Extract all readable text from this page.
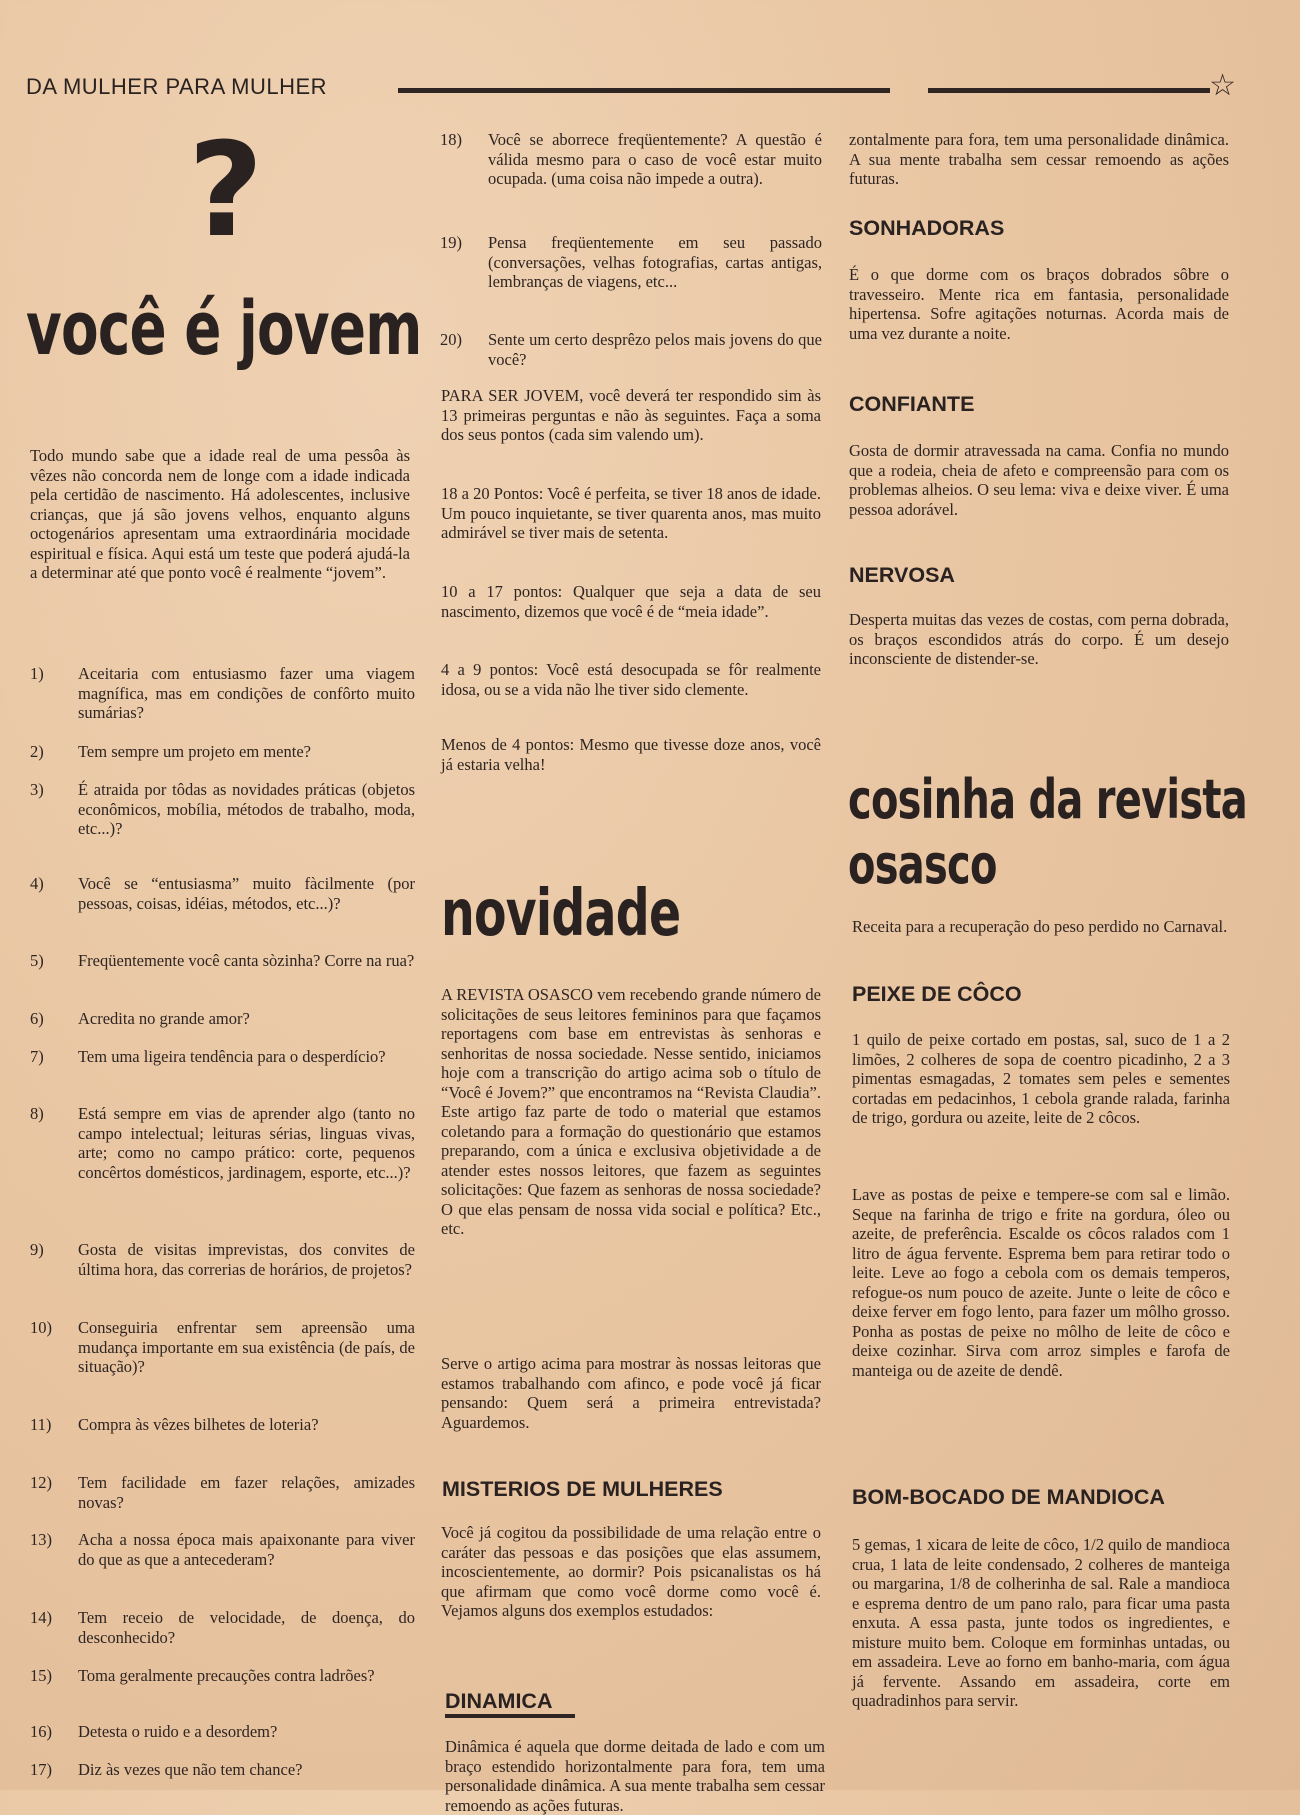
DA MULHER PARA MULHER	☆
?
você é jovem
Todo mundo sabe que a idade real de uma pessôa às vêzes não concorda nem de longe com a idade indicada pela certidão de nascimento. Há adolescentes, inclusive crianças, que já são jovens velhos, enquanto alguns octogenários apresentam uma extraordinária mocidade espiritual e física. Aqui está um teste que poderá ajudá-la a determinar até que ponto você é realmente “jovem”.
PARA SER JOVEM, você deverá ter respondido sim às 13 primeiras perguntas e não às seguintes. Faça a soma dos seus pontos (cada sim valendo um).
18 a 20 Pontos: Você é perfeita, se tiver 18 anos de idade. Um pouco inquietante, se tiver quarenta anos, mas muito admirável se tiver mais de setenta.
10 a 17 pontos: Qualquer que seja a data de seu nascimento, dizemos que você é de “meia idade”.
4 a 9 pontos: Você está desocupada se fôr realmente idosa, ou se a vida não lhe tiver sido clemente.
Menos de 4 pontos: Mesmo que tivesse doze anos, você já estaria velha!
novidade
A REVISTA OSASCO vem recebendo grande número de solicitações de seus leitores femininos para que façamos reportagens com base em entrevistas às senhoras e senhoritas de nossa sociedade. Nesse sentido, iniciamos hoje com a transcrição do artigo acima sob o título de “Você é Jovem?” que encontramos na “Revista Claudia”. Este artigo faz parte de todo o material que estamos coletando para a formação do questionário que estamos preparando, com a única e exclusiva objetividade a de atender estes nossos leitores, que fazem as seguintes solicitações: Que fazem as senhoras de nossa sociedade? O que elas pensam de nossa vida social e política? Etc., etc.
Serve o artigo acima para mostrar às nossas leitoras que estamos trabalhando com afinco, e pode você já ficar pensando: Quem será a primeira entrevistada? Aguardemos.
MISTERIOS DE MULHERES
Você já cogitou da possibilidade de uma relação entre o caráter das pessoas e das posições que elas assumem, incoscientemente, ao dormir? Pois psicanalistas os há que afirmam que como você dorme como você é. Vejamos alguns dos exemplos estudados:
DINAMICA
Dinâmica é aquela que dorme deitada de lado e com um braço estendido horizontalmente para fora, tem uma personalidade dinâmica. A sua mente trabalha sem cessar remoendo as ações futuras.
zontalmente para fora, tem uma personalidade dinâmica. A sua mente trabalha sem cessar remoendo as ações futuras.
SONHADORAS
É o que dorme com os braços dobrados sôbre o travesseiro. Mente rica em fantasia, personalidade hipertensa. Sofre agitações noturnas. Acorda mais de uma vez durante a noite.
CONFIANTE
Gosta de dormir atravessada na cama. Confia no mundo que a rodeia, cheia de afeto e compreensão para com os problemas alheios. O seu lema: viva e deixe viver. É uma pessoa adorável.
NERVOSA
Desperta muitas das vezes de costas, com perna dobrada, os braços escondidos atrás do corpo. É um desejo inconsciente de distender-se.
cosinha da revista osasco
Receita para a recuperação do peso perdido no Carnaval.
PEIXE DE CÔCO
1 quilo de peixe cortado em postas, sal, suco de 1 a 2 limões, 2 colheres de sopa de coentro picadinho, 2 a 3 pimentas esmagadas, 2 tomates sem peles e sementes cortadas em pedacinhos, 1 cebola grande ralada, farinha de trigo, gordura ou azeite, leite de 2 côcos.
Lave as postas de peixe e tempere-se com sal e limão. Seque na farinha de trigo e frite na gordura, óleo ou azeite, de preferência. Escalde os côcos ralados com 1 litro de água fervente. Esprema bem para retirar todo o leite. Leve ao fogo a cebola com os demais temperos, refogue-os num pouco de azeite. Junte o leite de côco e deixe ferver em fogo lento, para fazer um môlho grosso. Ponha as postas de peixe no môlho de leite de côco e deixe cozinhar. Sirva com arroz simples e farofa de manteiga ou de azeite de dendê.
BOM-BOCADO DE MANDIOCA
5 gemas, 1 xicara de leite de côco, 1/2 quilo de mandioca crua, 1 lata de leite condensado, 2 colheres de manteiga ou margarina, 1/8 de colherinha de sal. Rale a mandioca e esprema dentro de um pano ralo, para ficar uma pasta enxuta. A essa pasta, junte todos os ingredientes, e misture muito bem. Coloque em forminhas untadas, ou em assadeira. Leve ao forno em banho-maria, com água já fervente. Assando em assadeira, corte em quadradinhos para servir.
1)	Aceitaria com entusiasmo fazer uma viagem magnífica, mas em condições de confôrto muito sumárias?
2)	Tem sempre um projeto em mente?
3)	É atraida por tôdas as novidades práticas (objetos econômicos, mobília, métodos de trabalho, moda, etc...)?
4)	Você se “entusiasma” muito fàcilmente (por pessoas, coisas, idéias, métodos, etc...)?
5)	Freqüentemente você canta sòzinha? Corre na rua?
6)	Acredita no grande amor?
7)	Tem uma ligeira tendência para o desperdício?
8)	Está sempre em vias de aprender algo (tanto no campo intelectual; leituras sérias, linguas vivas, arte; como no campo prático: corte, pequenos concêrtos domésticos, jardinagem, esporte, etc...)?
9)	Gosta de visitas imprevistas, dos convites de última hora, das correrias de horários, de projetos?
10)	Conseguiria enfrentar sem apreensão uma mudança importante em sua existência (de país, de situação)?
11)	Compra às vêzes bilhetes de loteria?
12)	Tem facilidade em fazer relações, amizades novas?
13)	Acha a nossa época mais apaixonante para viver do que as que a antecederam?
14)	Tem receio de velocidade, de doença, do desconhecido?
15)	Toma geralmente precauções contra ladrões?
16)	Detesta o ruido e a desordem?
17)	Diz às vezes que não tem chance?
18)	Você se aborrece freqüentemente? A questão é válida mesmo para o caso de você estar muito ocupada. (uma coisa não impede a outra).
19)	Pensa freqüentemente em seu passado (conversações, velhas fotografias, cartas antigas, lembranças de viagens, etc...
20)	Sente um certo desprêzo pelos mais jovens do que você?
